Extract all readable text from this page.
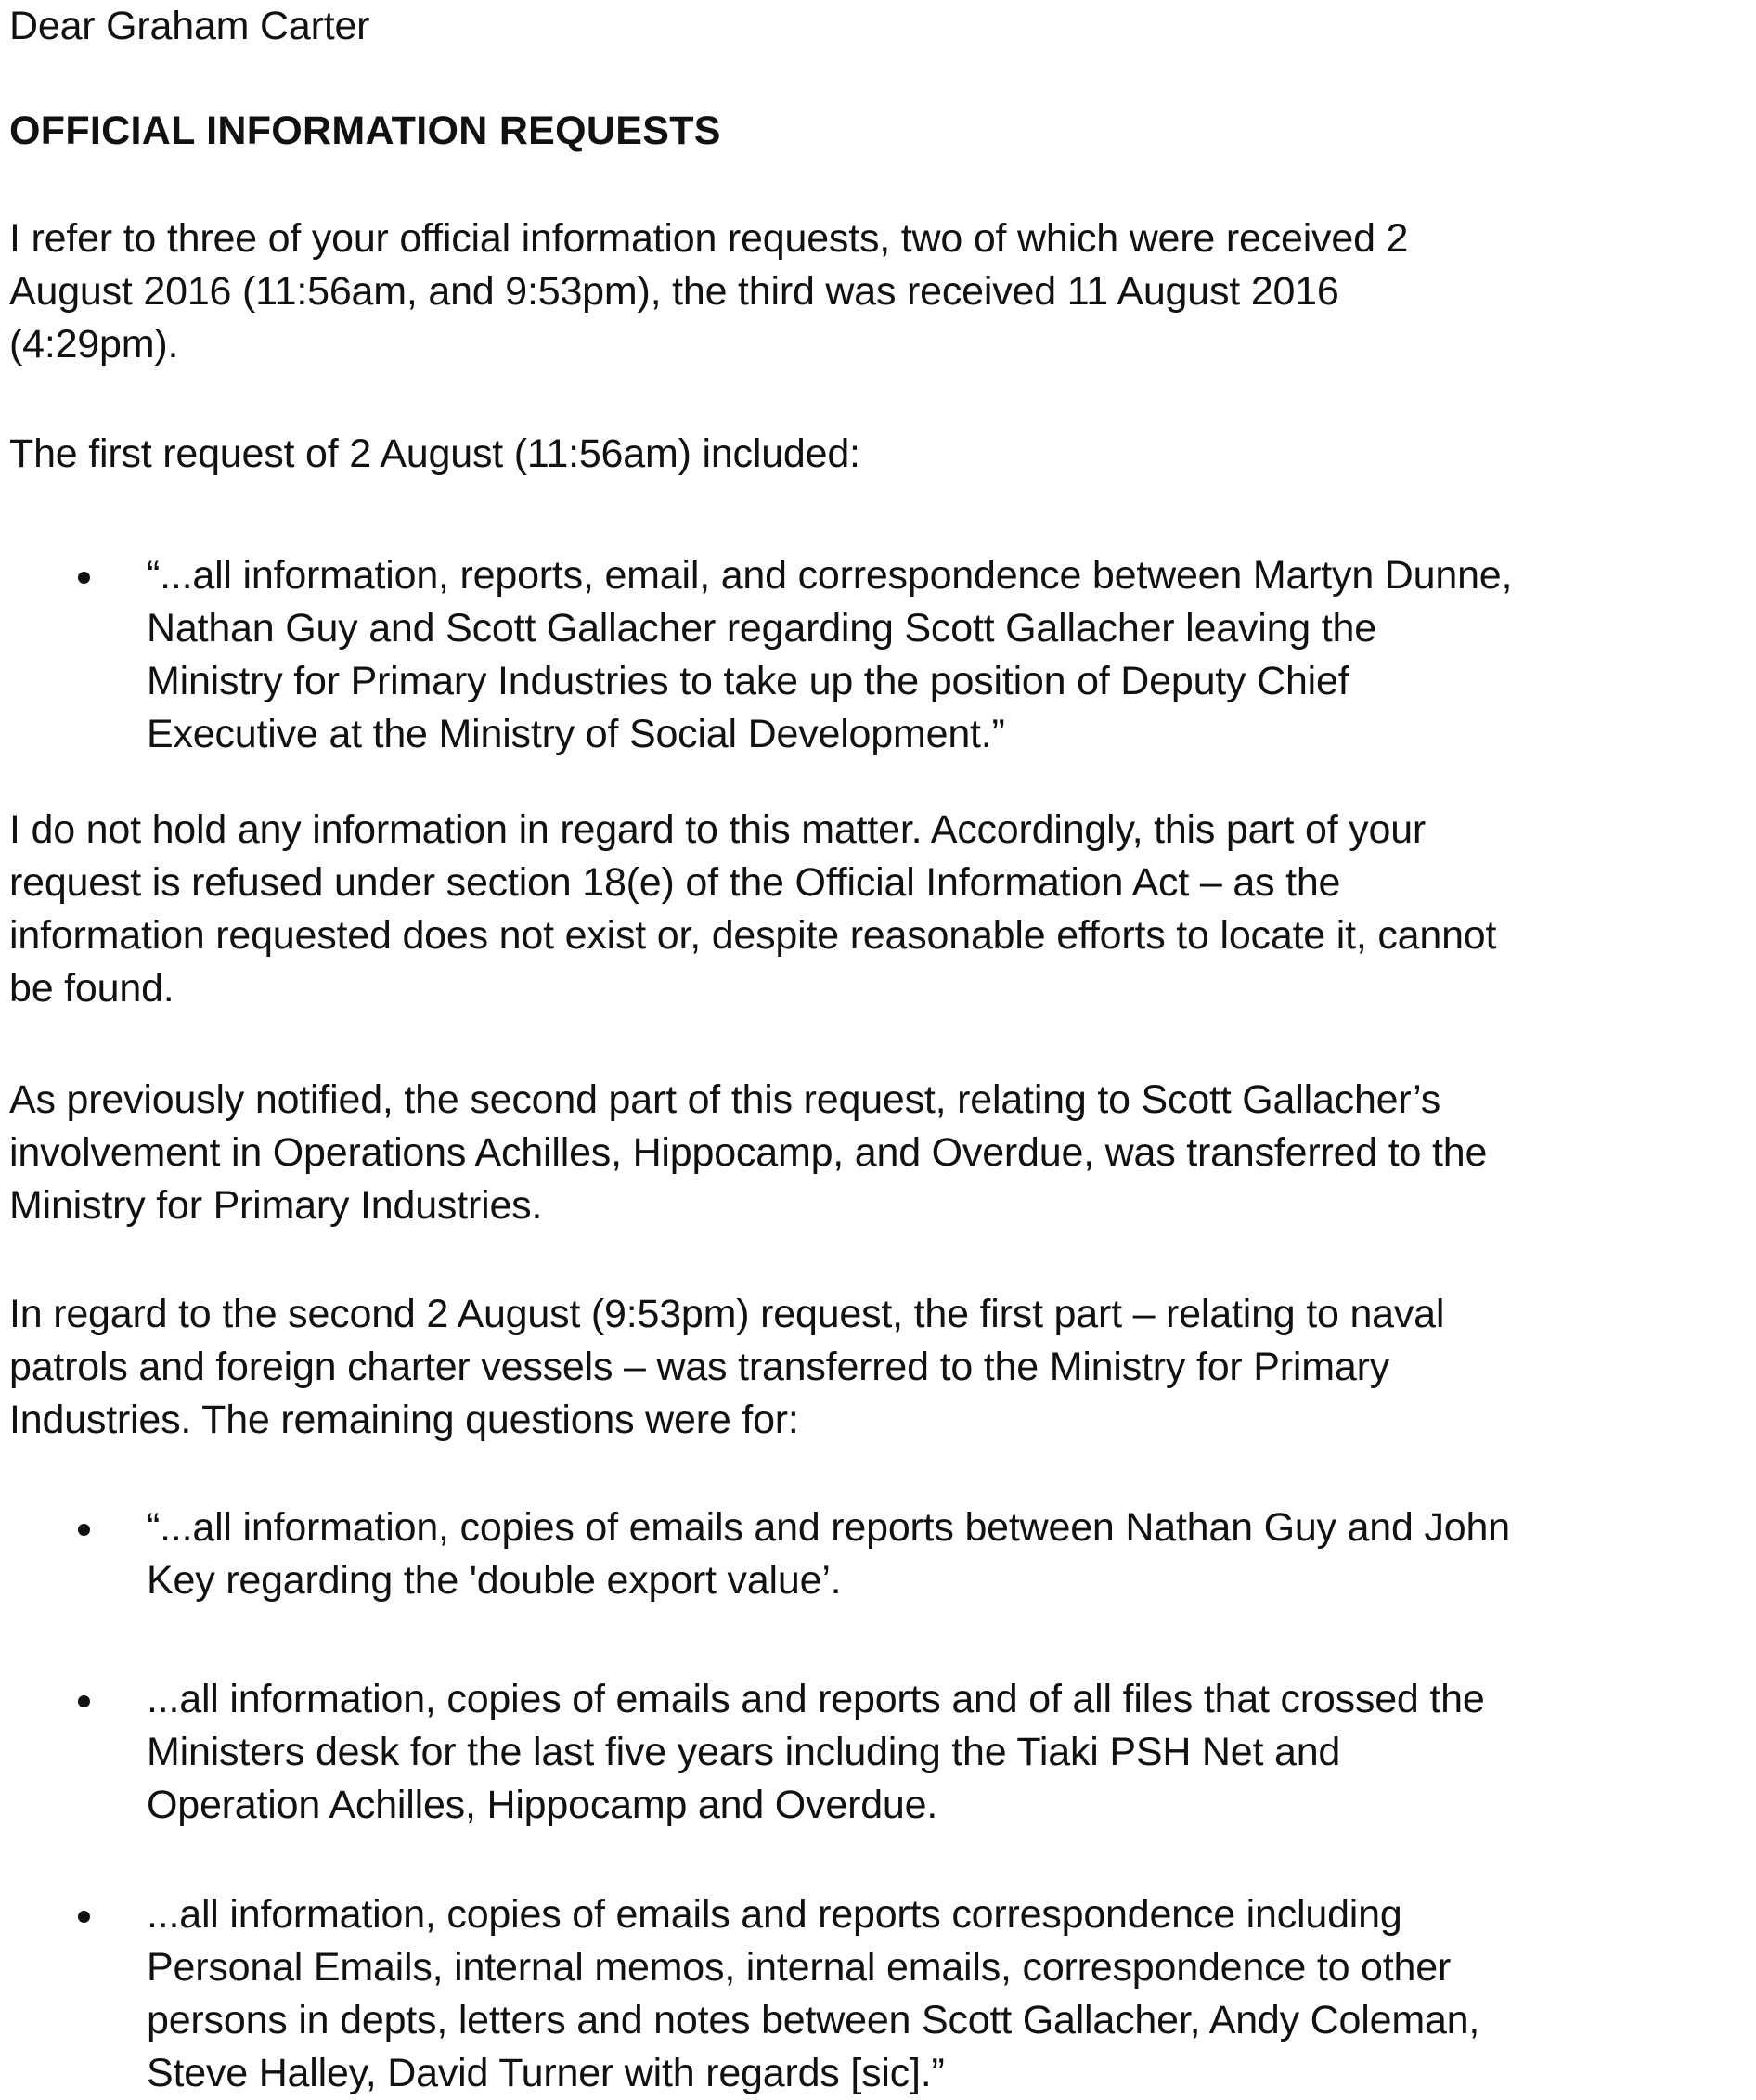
Dear Graham Carter

OFFICIAL INFORMATION REQUESTS

I refer to three of your official information requests, two of which were received 2
August 2016 (11:56am, and 9:53pm), the third was received 11 August 2016
(4:29pm).

The first request of 2 August (11:56am) included:

“...all information, reports, email, and correspondence between Martyn Dunne,
Nathan Guy and Scott Gallacher regarding Scott Gallacher leaving the
Ministry for Primary Industries to take up the position of Deputy Chief
Executive at the Ministry of Social Development.”

I do not hold any information in regard to this matter. Accordingly, this part of your
request is refused under section 18(e) of the Official Information Act – as the
information requested does not exist or, despite reasonable efforts to locate it, cannot
be found.

As previously notified, the second part of this request, relating to Scott Gallacher’s
involvement in Operations Achilles, Hippocamp, and Overdue, was transferred to the
Ministry for Primary Industries.

In regard to the second 2 August (9:53pm) request, the first part – relating to naval
patrols and foreign charter vessels – was transferred to the Ministry for Primary
Industries. The remaining questions were for:

“...all information, copies of emails and reports between Nathan Guy and John
Key regarding the 'double export value’.

...all information, copies of emails and reports and of all files that crossed the
Ministers desk for the last five years including the Tiaki PSH Net and
Operation Achilles, Hippocamp and Overdue.

...all information, copies of emails and reports correspondence including
Personal Emails, internal memos, internal emails, correspondence to other
persons in depts, letters and notes between Scott Gallacher, Andy Coleman,
Steve Halley, David Turner with regards [sic].”
